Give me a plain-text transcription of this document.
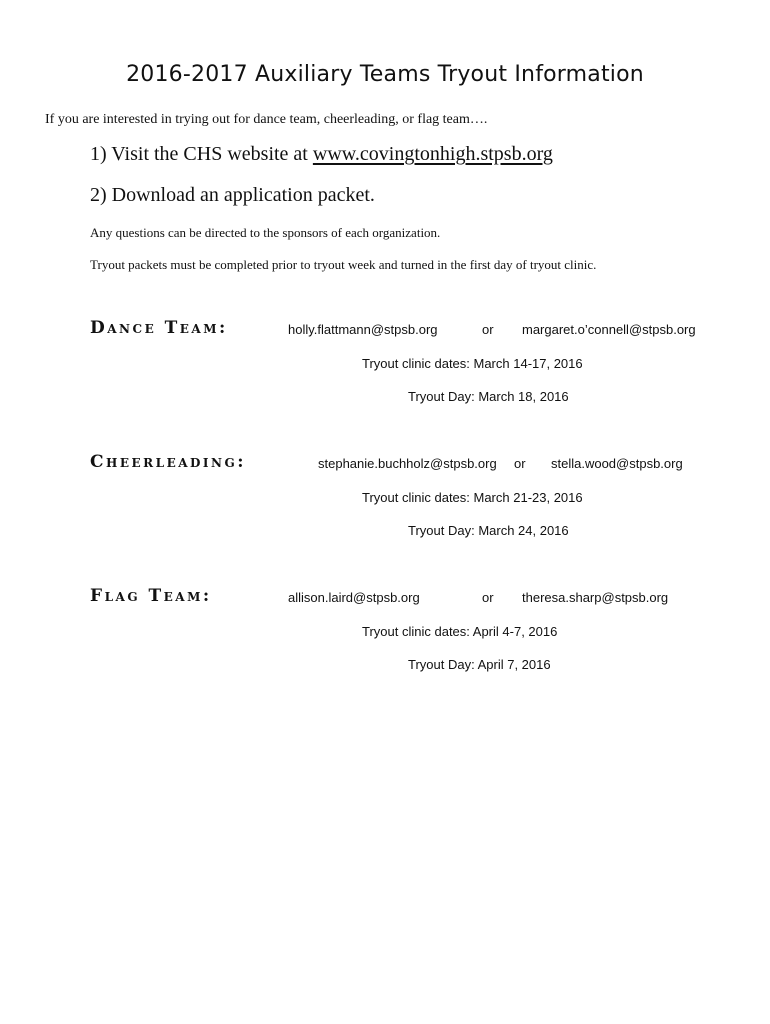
2016-2017 Auxiliary Teams Tryout Information
If you are interested in trying out for dance team, cheerleading, or flag team….
1) Visit the CHS website at www.covingtonhigh.stpsb.org
2) Download an application packet.
Any questions can be directed to the sponsors of each organization.
Tryout packets must be completed prior to tryout week and turned in the first day of tryout clinic.
Dance Team:	holly.flattmann@stpsb.org	or margaret.o’connell@stpsb.org
Tryout clinic dates: March 14-17, 2016
Tryout Day: March 18, 2016
Cheerleading:	stephanie.buchholz@stpsb.org or stella.wood@stpsb.org
Tryout clinic dates: March 21-23, 2016
Tryout Day: March 24, 2016
Flag Team:	allison.laird@stpsb.org	or theresa.sharp@stpsb.org
Tryout clinic dates: April 4-7, 2016
Tryout Day: April 7, 2016
